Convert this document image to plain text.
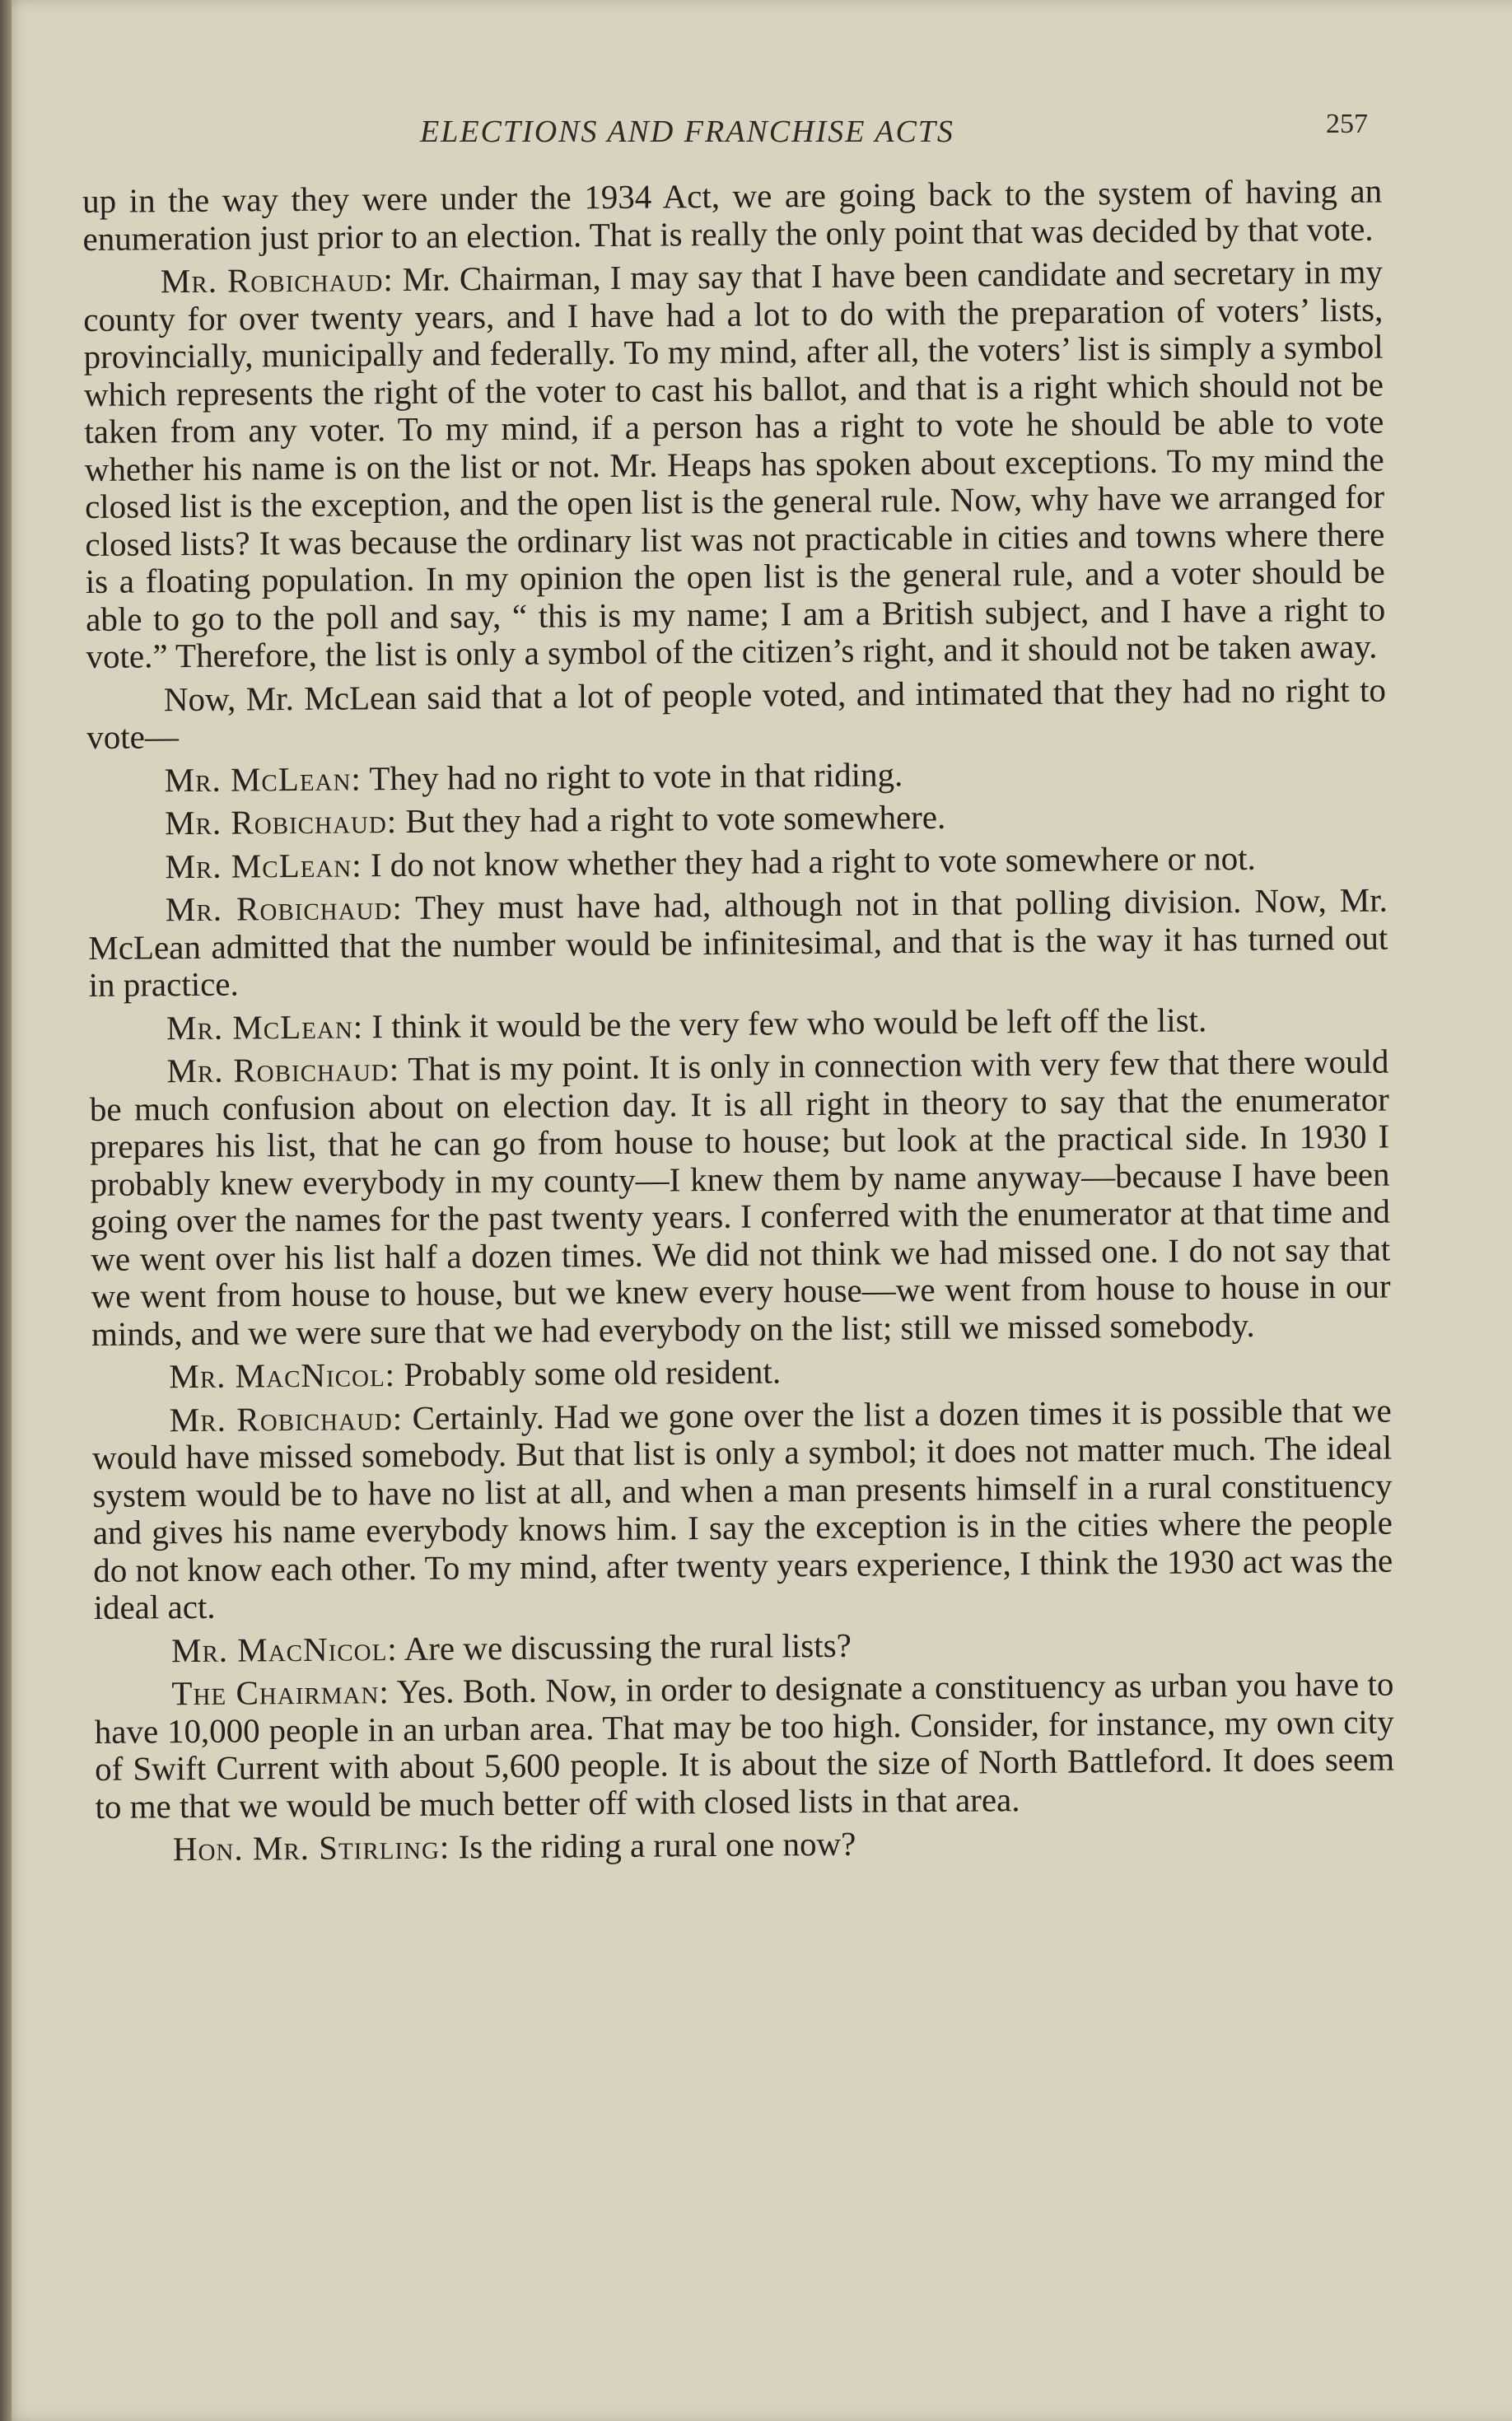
ELECTIONS AND FRANCHISE ACTS	257

up in the way they were under the 1934 Act, we are going back to the system of having an enumeration just prior to an election. That is really the only point that was decided by that vote.

Mr. Robichaud: Mr. Chairman, I may say that I have been candidate and secretary in my county for over twenty years, and I have had a lot to do with the preparation of voters’ lists, provincially, municipally and federally. To my mind, after all, the voters’ list is simply a symbol which represents the right of the voter to cast his ballot, and that is a right which should not be taken from any voter. To my mind, if a person has a right to vote he should be able to vote whether his name is on the list or not. Mr. Heaps has spoken about exceptions. To my mind the closed list is the exception, and the open list is the general rule. Now, why have we arranged for closed lists? It was because the ordinary list was not practicable in cities and towns where there is a floating population. In my opinion the open list is the general rule, and a voter should be able to go to the poll and say, “ this is my name; I am a British subject, and I have a right to vote.” Therefore, the list is only a symbol of the citizen’s right, and it should not be taken away.

Now, Mr. McLean said that a lot of people voted, and intimated that they had no right to vote—

Mr. McLean: They had no right to vote in that riding.

Mr. Robichaud: But they had a right to vote somewhere.

Mr. McLean: I do not know whether they had a right to vote somewhere or not.

Mr. Robichaud: They must have had, although not in that polling division. Now, Mr. McLean admitted that the number would be infinitesimal, and that is the way it has turned out in practice.

Mr. McLean: I think it would be the very few who would be left off the list.

Mr. Robichaud: That is my point. It is only in connection with very few that there would be much confusion about on election day. It is all right in theory to say that the enumerator prepares his list, that he can go from house to house; but look at the practical side. In 1930 I probably knew everybody in my county—I knew them by name anyway—because I have been going over the names for the past twenty years. I conferred with the enumerator at that time and we went over his list half a dozen times. We did not think we had missed one. I do not say that we went from house to house, but we knew every house—we went from house to house in our minds, and we were sure that we had everybody on the list; still we missed somebody.

Mr. MacNicol: Probably some old resident.

Mr. Robichaud: Certainly. Had we gone over the list a dozen times it is possible that we would have missed somebody. But that list is only a symbol; it does not matter much. The ideal system would be to have no list at all, and when a man presents himself in a rural constituency and gives his name everybody knows him. I say the exception is in the cities where the people do not know each other. To my mind, after twenty years experience, I think the 1930 act was the ideal act.

Mr. MacNicol: Are we discussing the rural lists?

The Chairman: Yes. Both. Now, in order to designate a constituency as urban you have to have 10,000 people in an urban area. That may be too high. Consider, for instance, my own city of Swift Current with about 5,600 people. It is about the size of North Battleford. It does seem to me that we would be much better off with closed lists in that area.

Hon. Mr. Stirling: Is the riding a rural one now?
